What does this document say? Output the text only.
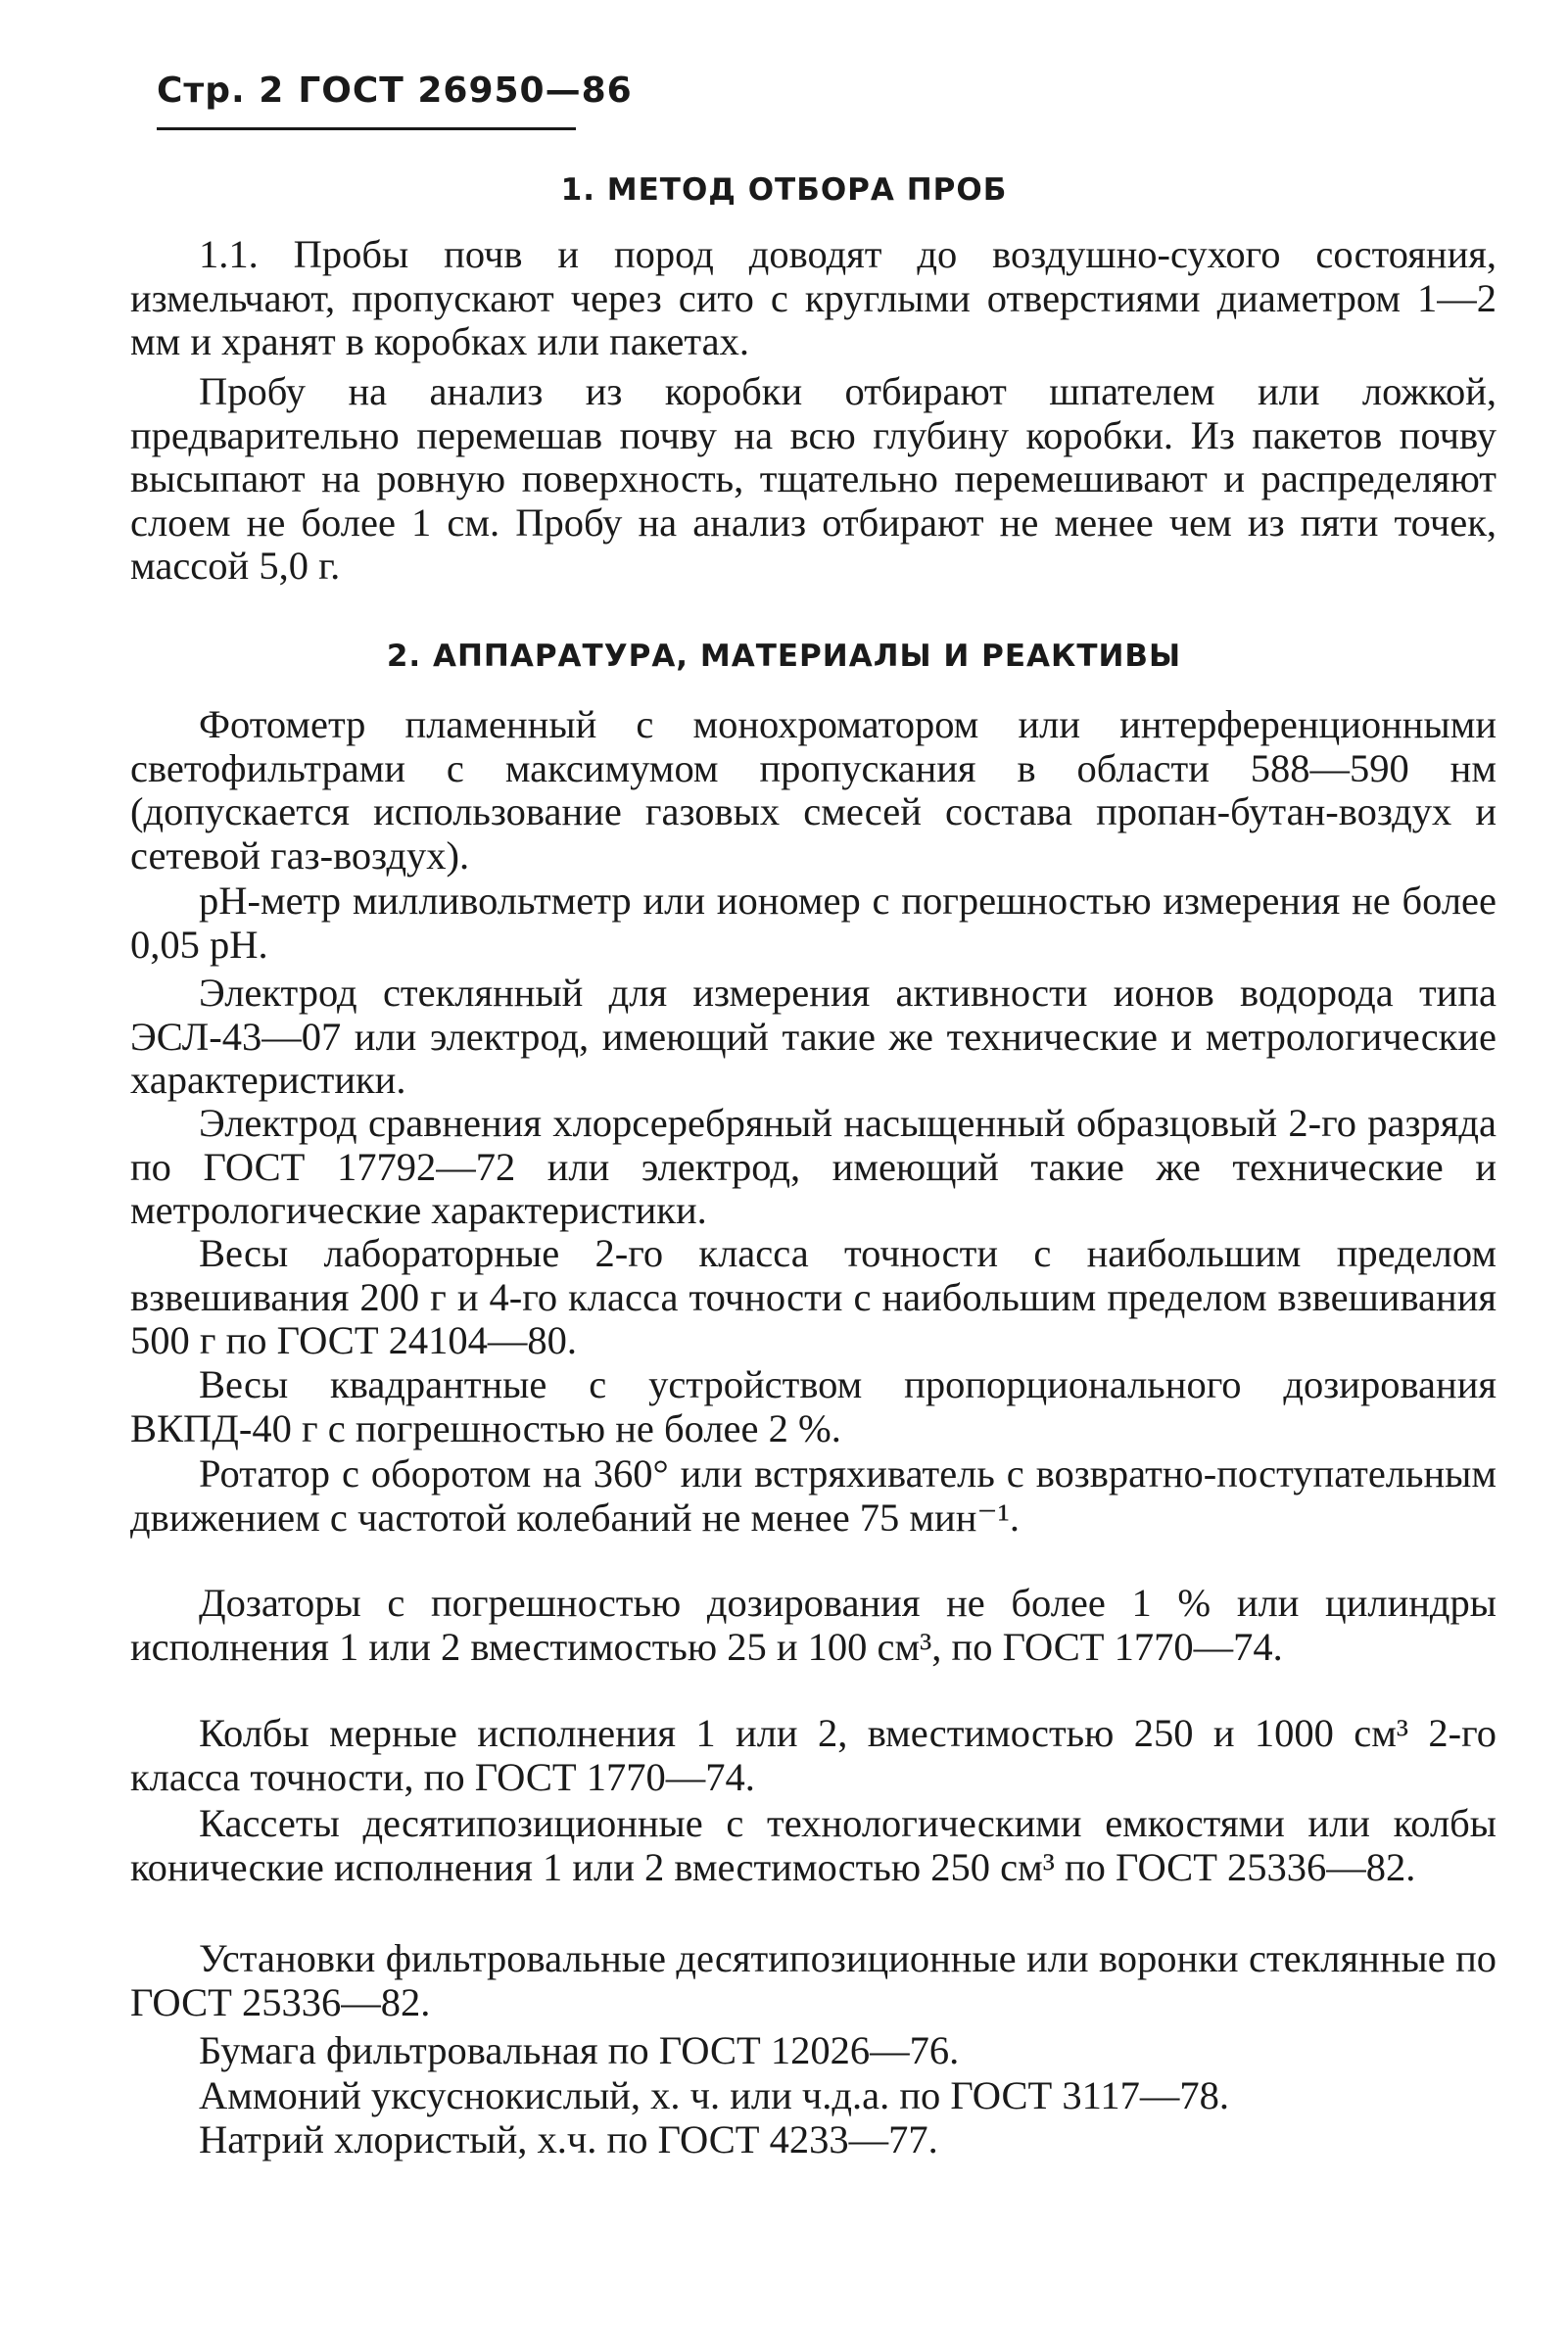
Стр. 2 ГОСТ 26950—86
1. МЕТОД ОТБОРА ПРОБ

1.1. Пробы почв и пород доводят до воздушно-сухого состояния, измельчают, пропускают через сито с круглыми отверстиями диаметром 1—2 мм и хранят в коробках или пакетах.

Пробу на анализ из коробки отбирают шпателем или ложкой, предварительно перемешав почву на всю глубину коробки. Из пакетов почву высыпают на ровную поверхность, тщательно перемешивают и распределяют слоем не более 1 см. Пробу на анализ отбирают не менее чем из пяти точек, массой 5,0 г.

2. АППАРАТУРА, МАТЕРИАЛЫ И РЕАКТИВЫ

Фотометр пламенный с монохроматором или интерференционными светофильтрами с максимумом пропускания в области 588—590 нм (допускается использование газовых смесей состава пропан-бутан-воздух и сетевой газ-воздух).

рН-метр милливольтметр или иономер с погрешностью измерения не более 0,05 рН.

Электрод стеклянный для измерения активности ионов водорода типа ЭСЛ-43—07 или электрод, имеющий такие же технические и метрологические характеристики.

Электрод сравнения хлорсеребряный насыщенный образцовый 2-го разряда по ГОСТ 17792—72 или электрод, имеющий такие же технические и метрологические характеристики.

Весы лабораторные 2-го класса точности с наибольшим пределом взвешивания 200 г и 4-го класса точности с наибольшим пределом взвешивания 500 г по ГОСТ 24104—80.

Весы квадрантные с устройством пропорционального дозирования ВКПД-40 г с погрешностью не более 2 %.

Ротатор с оборотом на 360° или встряхиватель с возвратно-поступательным движением с частотой колебаний не менее 75 мин⁻¹.

Дозаторы с погрешностью дозирования не более 1 % или цилиндры исполнения 1 или 2 вместимостью 25 и 100 см³, по ГОСТ 1770—74.

Колбы мерные исполнения 1 или 2, вместимостью 250 и 1000 см³ 2-го класса точности, по ГОСТ 1770—74.

Кассеты десятипозиционные с технологическими емкостями или колбы конические исполнения 1 или 2 вместимостью 250 см³ по ГОСТ 25336—82.

Установки фильтровальные десятипозиционные или воронки стеклянные по ГОСТ 25336—82.

Бумага фильтровальная по ГОСТ 12026—76.

Аммоний уксуснокислый, х. ч. или ч.д.а. по ГОСТ 3117—78.

Натрий хлористый, х.ч. по ГОСТ 4233—77.
